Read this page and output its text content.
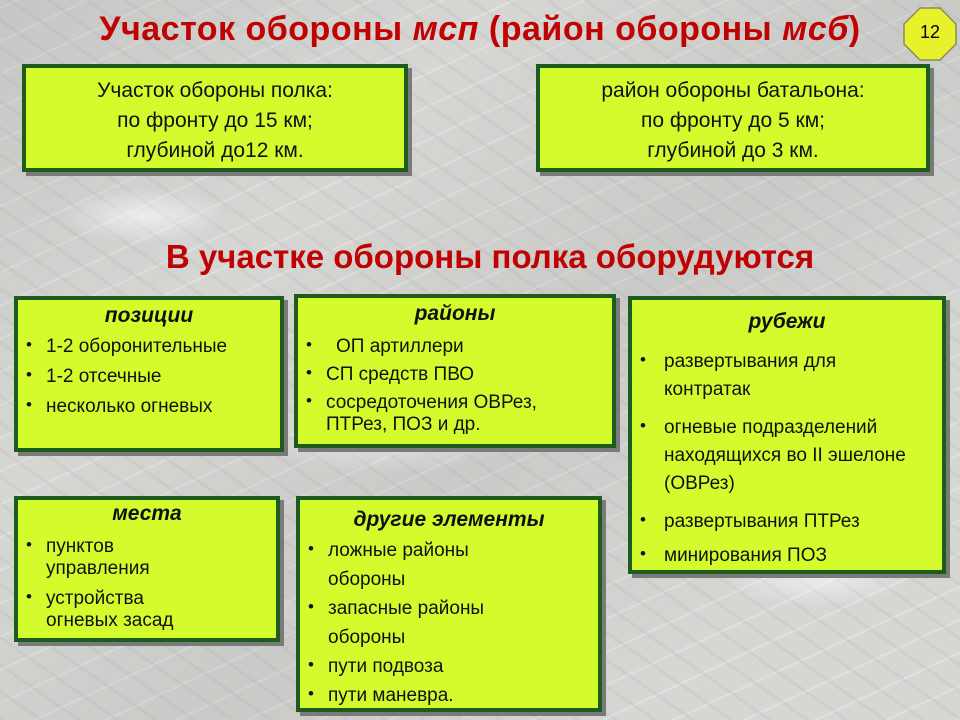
Участок обороны мсп (район обороны мсб)	12
Участок обороны полка:
по фронту до 15 км;
глубиной до12 км.
район обороны батальона:
по фронту до 5 км;
глубиной до 3 км.
В участке обороны полка оборудуются
позиции
• 1-2 оборонительные
• 1-2 отсечные
• несколько огневых
районы
• ОП артиллери
• СП средств ПВО
• сосредоточения ОВРез, ПТРез, ПОЗ и др.
рубежи
• развертывания для контратак
• огневые подразделений находящихся во II эшелоне (ОВРез)
• развертывания ПТРез
• минирования ПОЗ
места
• пунктов управления
• устройства огневых засад
другие элементы
• ложные районы обороны
• запасные районы обороны
• пути подвоза
• пути маневра.
